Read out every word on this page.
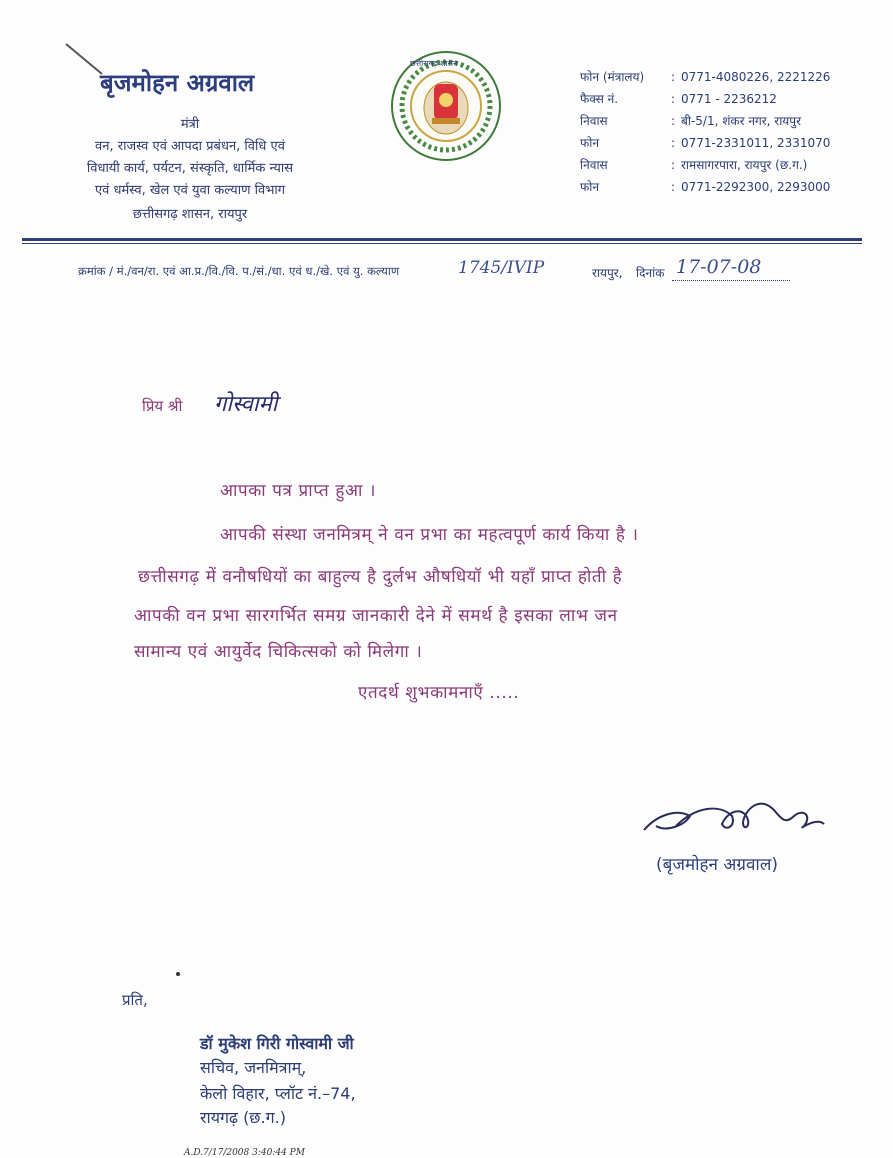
बृजमोहन अग्रवाल
मंत्री
वन, राजस्व एवं आपदा प्रबंधन, विधि एवं
विधायी कार्य, पर्यटन, संस्कृति, धार्मिक न्यास
एवं धर्मस्व, खेल एवं युवा कल्याण विभाग
छत्तीसगढ़ शासन, रायपुर
छत्तीसगढ़ शासन
फोन (मंत्रालय)	: 0771-4080226, 2221226
फैक्स नं.	: 0771 - 2236212
निवास	: बी-5/1, शंकर नगर, रायपुर
फोन	: 0771-2331011, 2331070
निवास	: रामसागरपारा, रायपुर (छ.ग.)
फोन	: 0771-2292300, 2293000
क्रमांक / मं./वन/रा. एवं आ.प्र./वि./वि. प./सं./धा. एवं ध./खे. एवं यु. कल्याण	1745/IVIP	रायपुर, दिनांक 17-07-08
प्रिय श्री गोस्वामी
आपका पत्र प्राप्त हुआ ।
आपकी संस्था जनमित्रम् ने वन प्रभा का महत्वपूर्ण कार्य किया है ।
छत्तीसगढ़ में वनौषधियों का बाहुल्य है दुर्लभ औषधियॉ भी यहाँ प्राप्त होती है
आपकी वन प्रभा सारगर्भित समग्र जानकारी देने में समर्थ है इसका लाभ जन
सामान्य एवं आयुर्वेद चिकित्सको को मिलेगा ।
एतदर्थ शुभकामनाएँ .....
(बृजमोहन अग्रवाल)
प्रति,
डॉ मुकेश गिरी गोस्वामी जी
सचिव, जनमित्राम्,
केलो विहार, प्लॉट नं.–74,
रायगढ़ (छ.ग.)
A.D.7/17/2008 3:40:44 PM
